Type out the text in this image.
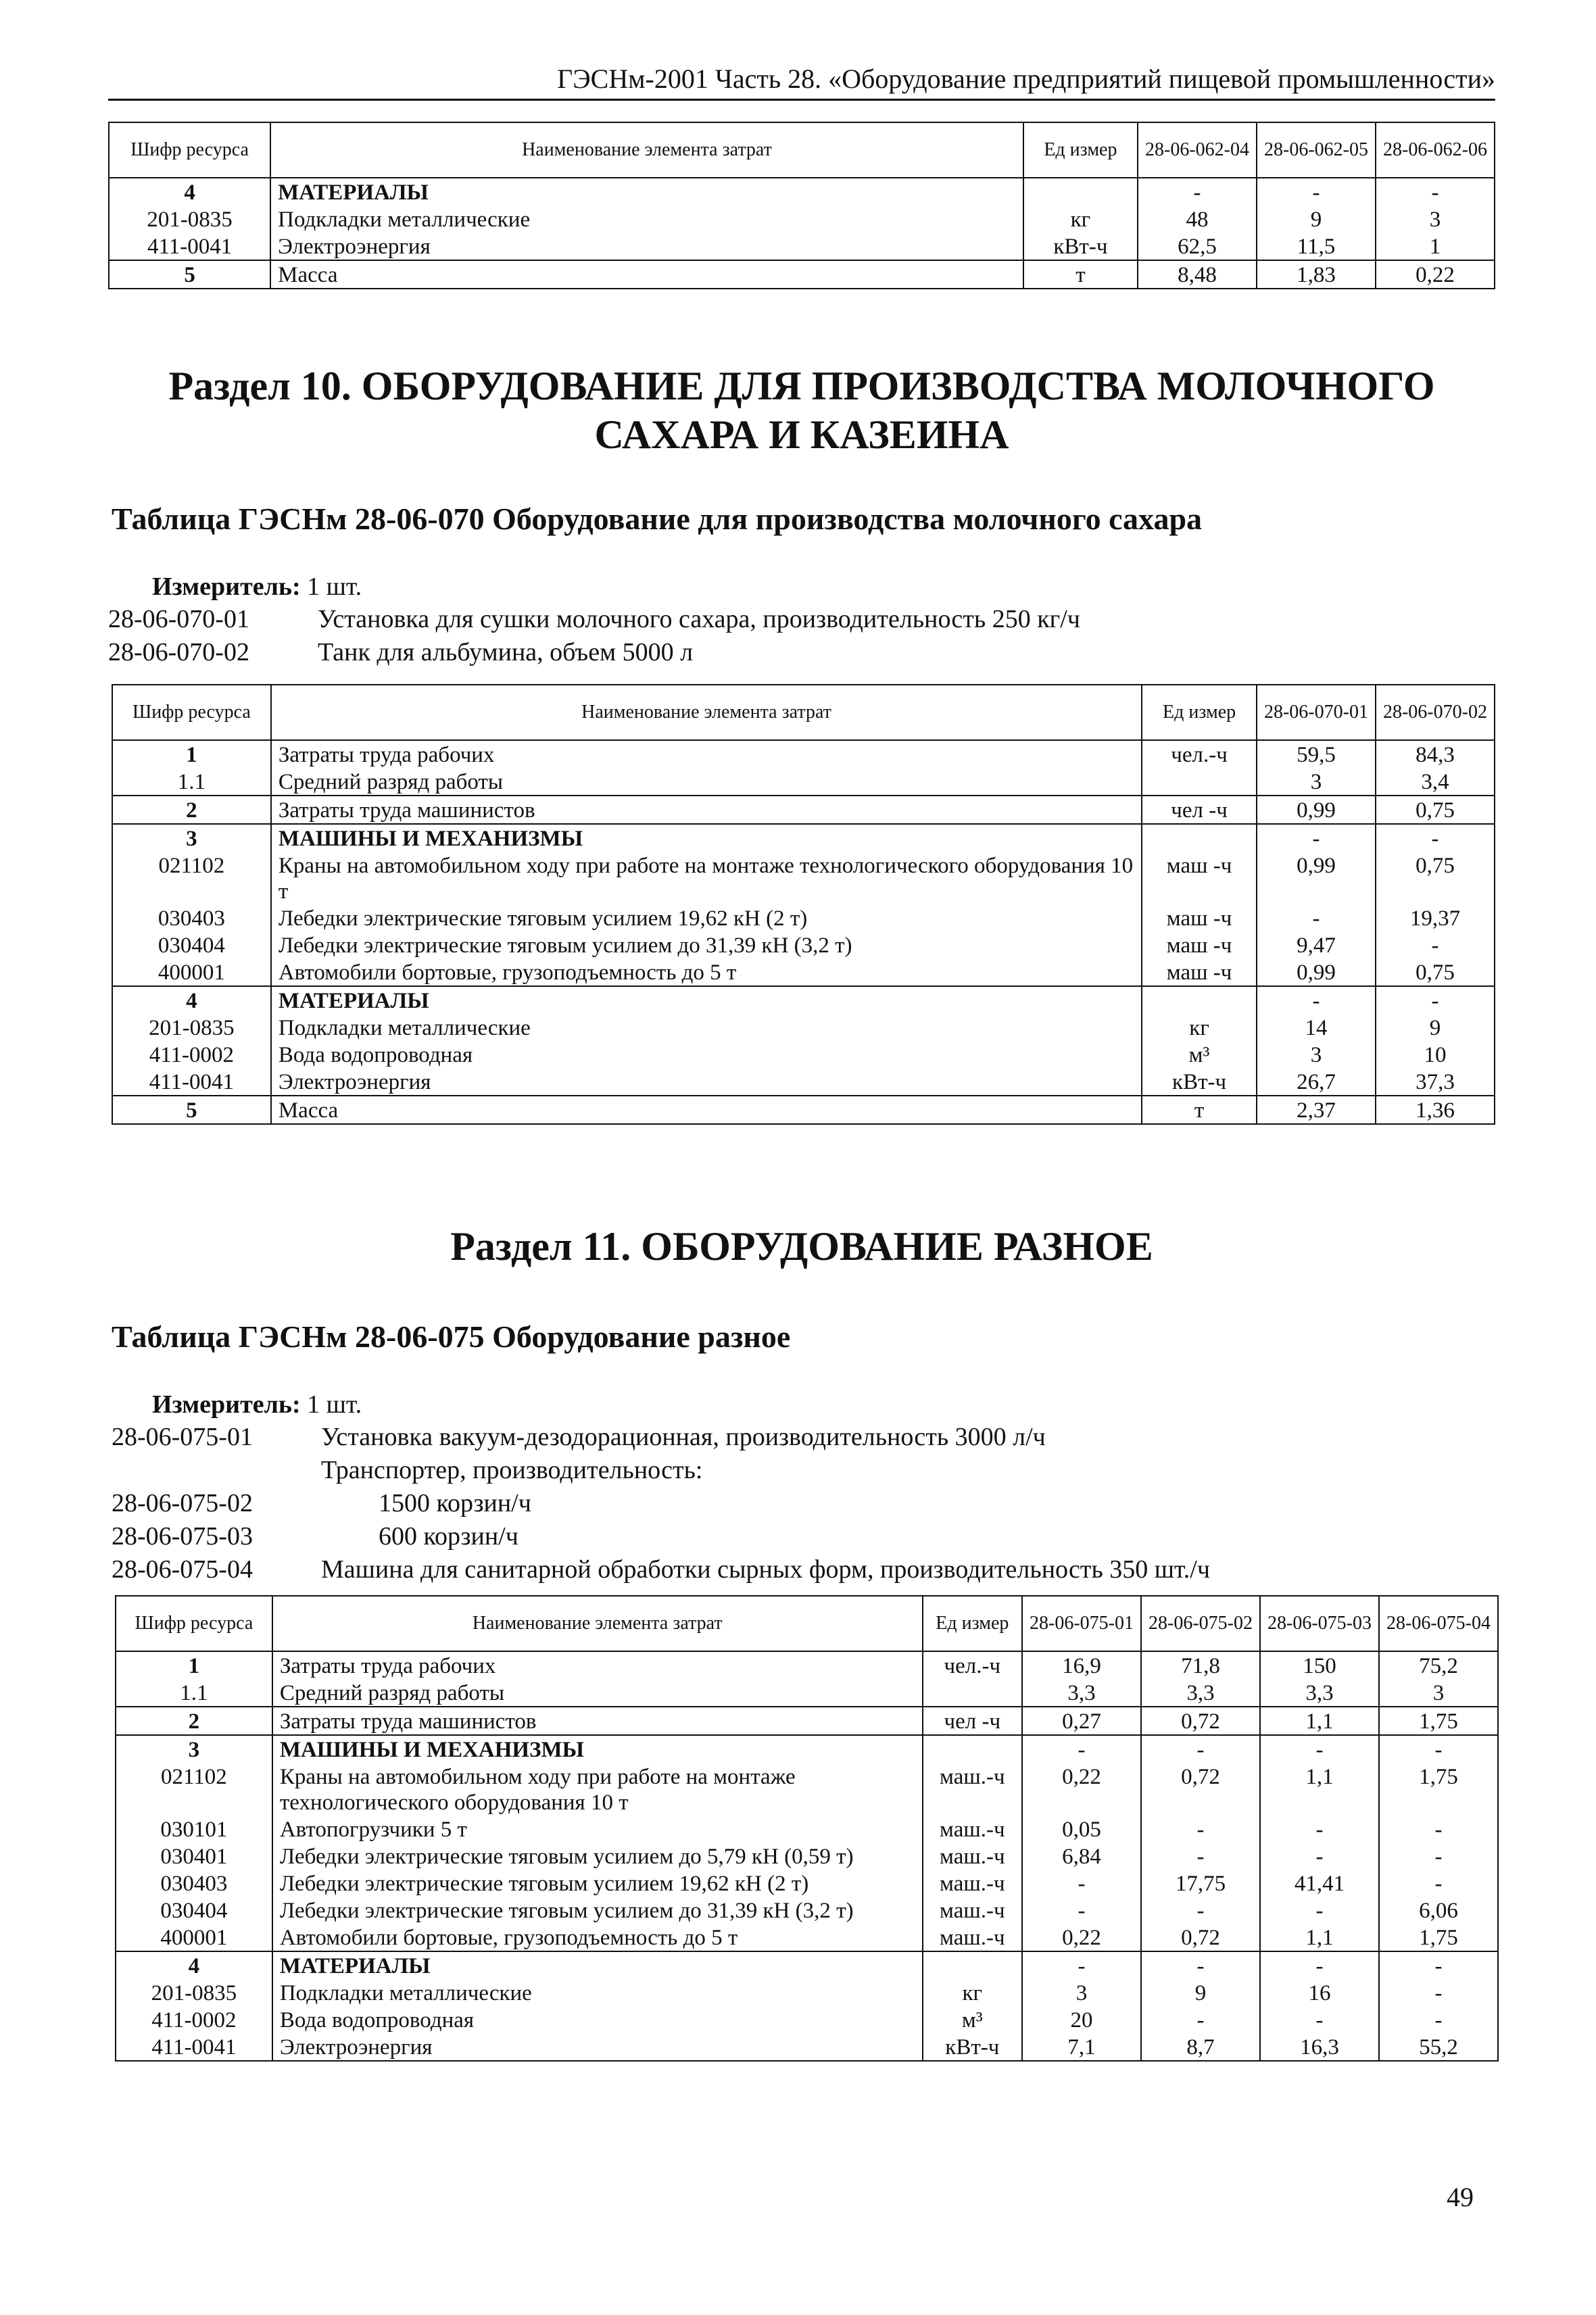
ГЭСНм-2001 Часть 28. «Оборудование предприятий пищевой промышленности»
Шифр ресурса	Наименование элемента затрат	Ед измер	28-06-062-04	28-06-062-05	28-06-062-06
4	МАТЕРИАЛЫ		-	-	-
201-0835	Подкладки металлические	кг	48	9	3
411-0041	Электроэнергия	кВт-ч	62,5	11,5	1
5	Масса	т	8,48	1,83	0,22
Раздел 10. ОБОРУДОВАНИЕ ДЛЯ ПРОИЗВОДСТВА МОЛОЧНОГО
САХАРА И КАЗЕИНА
Таблица ГЭСНм 28-06-070 Оборудование для производства молочного сахара
Измеритель: 1 шт.
28-06-070-01	Установка для сушки молочного сахара, производительность 250 кг/ч
28-06-070-02	Танк для альбумина, объем 5000 л
Шифр ресурса	Наименование элемента затрат	Ед измер	28-06-070-01	28-06-070-02
1	Затраты труда рабочих	чел.-ч	59,5	84,3
1.1	Средний разряд работы		3	3,4
2	Затраты труда машинистов	чел -ч	0,99	0,75
3	МАШИНЫ И МЕХАНИЗМЫ		-	-
021102	Краны на автомобильном ходу при работе на монтаже технологического оборудования 10 т	маш -ч	0,99	0,75
030403	Лебедки электрические тяговым усилием 19,62 кН (2 т)	маш -ч	-	19,37
030404	Лебедки электрические тяговым усилием до 31,39 кН (3,2 т)	маш -ч	9,47	-
400001	Автомобили бортовые, грузоподъемность до 5 т	маш -ч	0,99	0,75
4	МАТЕРИАЛЫ		-	-
201-0835	Подкладки металлические	кг	14	9
411-0002	Вода водопроводная	м³	3	10
411-0041	Электроэнергия	кВт-ч	26,7	37,3
5	Масса	т	2,37	1,36
Раздел 11. ОБОРУДОВАНИЕ РАЗНОЕ
Таблица ГЭСНм 28-06-075 Оборудование разное
Измеритель: 1 шт.
28-06-075-01	Установка вакуум-дезодорационная, производительность 3000 л/ч
Транспортер, производительность:
28-06-075-02	1500 корзин/ч
28-06-075-03	600 корзин/ч
28-06-075-04	Машина для санитарной обработки сырных форм, производительность 350 шт./ч
Шифр ресурса	Наименование элемента затрат	Ед измер	28-06-075-01	28-06-075-02	28-06-075-03	28-06-075-04
1	Затраты труда рабочих	чел.-ч	16,9	71,8	150	75,2
1.1	Средний разряд работы		3,3	3,3	3,3	3
2	Затраты труда машинистов	чел -ч	0,27	0,72	1,1	1,75
3	МАШИНЫ И МЕХАНИЗМЫ		-	-	-	-
021102	Краны на автомобильном ходу при работе на монтаже технологического оборудования 10 т	маш.-ч	0,22	0,72	1,1	1,75
030101	Автопогрузчики 5 т	маш.-ч	0,05	-	-	-
030401	Лебедки электрические тяговым усилием до 5,79 кН (0,59 т)	маш.-ч	6,84	-	-	-
030403	Лебедки электрические тяговым усилием 19,62 кН (2 т)	маш.-ч	-	17,75	41,41	-
030404	Лебедки электрические тяговым усилием до 31,39 кН (3,2 т)	маш.-ч	-	-	-	6,06
400001	Автомобили бортовые, грузоподъемность до 5 т	маш.-ч	0,22	0,72	1,1	1,75
4	МАТЕРИАЛЫ		-	-	-	-
201-0835	Подкладки металлические	кг	3	9	16	-
411-0002	Вода водопроводная	м³	20	-	-	-
411-0041	Электроэнергия	кВт-ч	7,1	8,7	16,3	55,2
49
